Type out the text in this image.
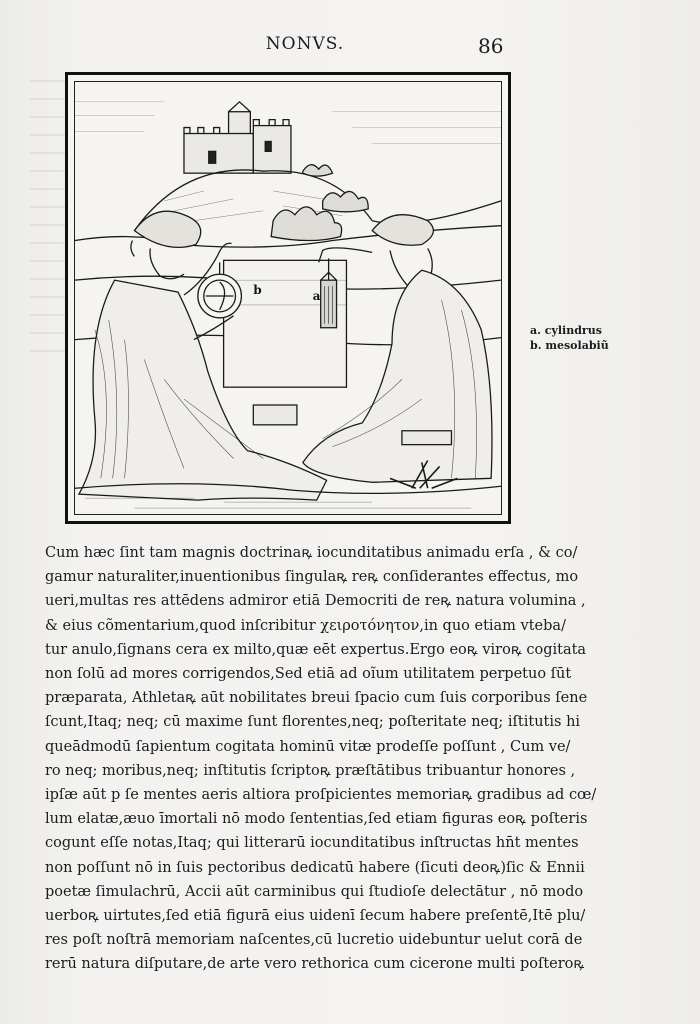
NONVS.	86
b	a
a. cylindrus
b. mesolabiũ
Cum hæc ſint tam magnis doctrinaꝶ iocunditatibus animadu erſa , & co/
gamur naturaliter,inuentionibus ſingulaꝶ reꝶ conſiderantes effectus, mo
ueri,multas res attēdens admiror etiā Democriti de reꝶ natura volumina ,
& eius cõmentarium,quod inſcribitur χειροτόνητον,in quo etiam vteba/
tur anulo,ſignans cera ex milto,quæ eēt expertus.Ergo eoꝶ viroꝶ cogitata
non ſolū ad mores corrigendos,Sed etiā ad oĩum utilitatem perpetuo ſūt
præparata, Athletaꝶ aūt nobilitates breui ſpacio cum ſuis corporibus ſene
ſcunt,Itaq; neq; cū maxime ſunt florentes,neq; poſteritate neq; iſtitutis hi
queādmodū ſapientum cogitata hominū vitæ prodeſſe poſſunt , Cum ve/
ro neq; moribus,neq; inſtitutis ſcriptoꝶ præſtātibus tribuantur honores ,
ipſæ aūt p ſe mentes aeris altiora proſpicientes memoriaꝶ gradibus ad cœ/
lum elatæ,æuo īmortali nō modo ſententias,ſed etiam figuras eoꝶ poſteris
cogunt eſſe notas,Itaq; qui litterarū iocunditatibus inſtructas hn̄t mentes
non poſſunt nō in ſuis pectoribus dedicatū habere (ſicuti deoꝶ)ſic & Ennii
poetæ ſimulachrū, Accii aūt carminibus qui ſtudioſe delectātur , nō modo
uerboꝶ uirtutes,ſed etiā figurā eius uidenī ſecum habere preſentē,Itē plu/
res poſt noſtrā memoriam naſcentes,cū lucretio uidebuntur uelut corā de
rerū natura diſputare,de arte vero rethorica cum cicerone multi poſteroꝶ
